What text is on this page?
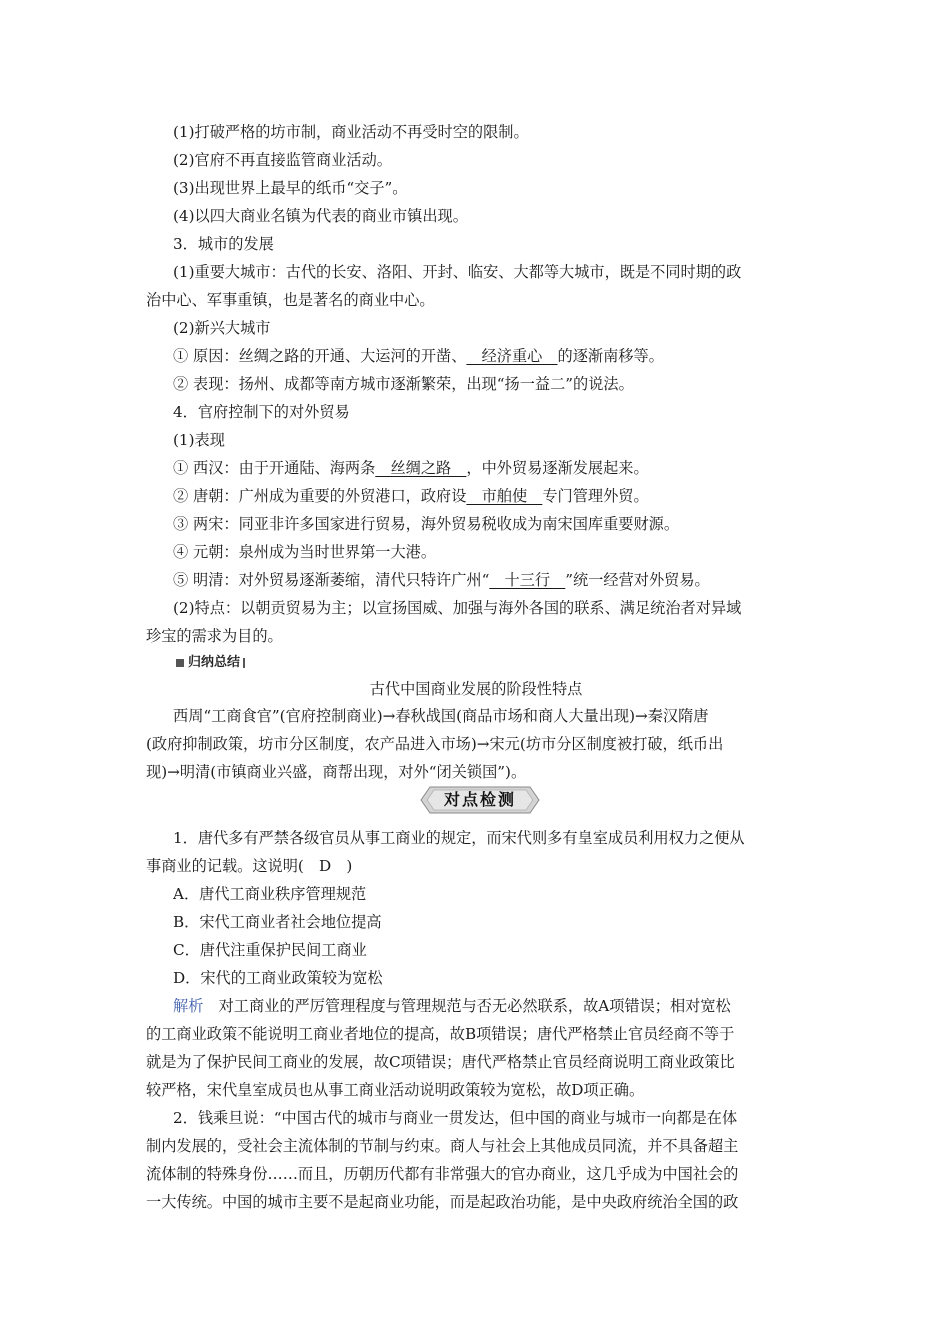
(1)打破严格的坊市制，商业活动不再受时空的限制。
(2)官府不再直接监管商业活动。
(3)出现世界上最早的纸币“交子”。
(4)以四大商业名镇为代表的商业市镇出现。
3．城市的发展
(1)重要大城市：古代的长安、洛阳、开封、临安、大都等大城市，既是不同时期的政
治中心、军事重镇，也是著名的商业中心。
(2)新兴大城市
① 原因：丝绸之路的开通、大运河的开凿、　经济重心　的逐渐南移等。
② 表现：扬州、成都等南方城市逐渐繁荣，出现“扬一益二”的说法。
4．官府控制下的对外贸易
(1)表现
① 西汉：由于开通陆、海两条　丝绸之路　，中外贸易逐渐发展起来。
② 唐朝：广州成为重要的外贸港口，政府设　市舶使　专门管理外贸。
③ 两宋：同亚非许多国家进行贸易，海外贸易税收成为南宋国库重要财源。
④ 元朝：泉州成为当时世界第一大港。
⑤ 明清：对外贸易逐渐萎缩，清代只特许广州“　十三行　”统一经营对外贸易。
(2)特点：以朝贡贸易为主；以宣扬国威、加强与海外各国的联系、满足统治者对异域
珍宝的需求为目的。
归纳总结
古代中国商业发展的阶段性特点
西周“工商食官”(官府控制商业)→春秋战国(商品市场和商人大量出现)→秦汉隋唐
(政府抑制政策，坊市分区制度，农产品进入市场)→宋元(坊市分区制度被打破，纸币出
现)→明清(市镇商业兴盛，商帮出现，对外“闭关锁国”)。
对点检测
1．唐代多有严禁各级官员从事工商业的规定，而宋代则多有皇室成员利用权力之便从
事商业的记载。这说明(　D　)
A．唐代工商业秩序管理规范
B．宋代工商业者社会地位提高
C．唐代注重保护民间工商业
D．宋代的工商业政策较为宽松
解析　对工商业的严厉管理程度与管理规范与否无必然联系，故A项错误；相对宽松
的工商业政策不能说明工商业者地位的提高，故B项错误；唐代严格禁止官员经商不等于
就是为了保护民间工商业的发展，故C项错误；唐代严格禁止官员经商说明工商业政策比
较严格，宋代皇室成员也从事工商业活动说明政策较为宽松，故D项正确。
2．钱乘旦说：“中国古代的城市与商业一贯发达，但中国的商业与城市一向都是在体
制内发展的，受社会主流体制的节制与约束。商人与社会上其他成员同流，并不具备超主
流体制的特殊身份……而且，历朝历代都有非常强大的官办商业，这几乎成为中国社会的
一大传统。中国的城市主要不是起商业功能，而是起政治功能，是中央政府统治全国的政
